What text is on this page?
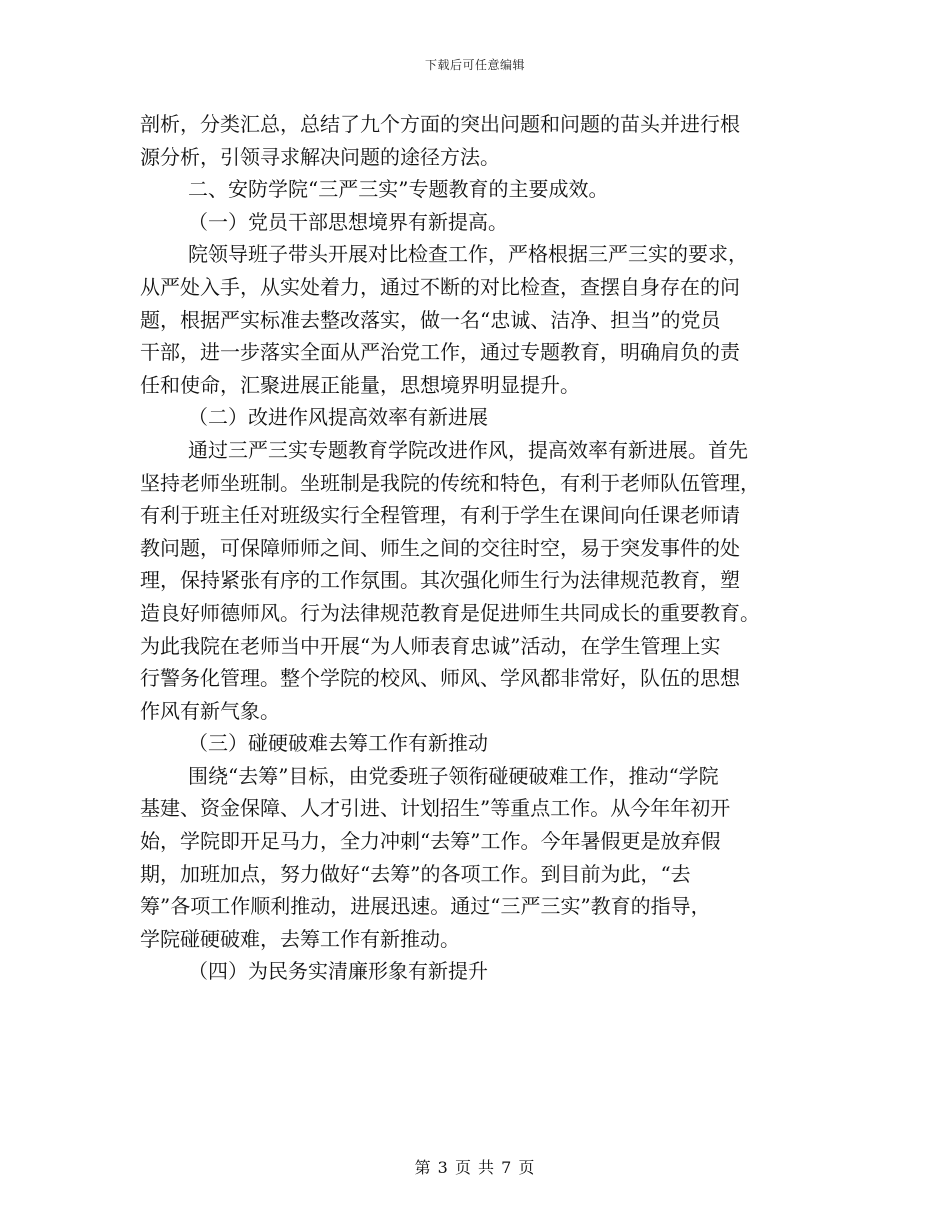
下载后可任意编辑
剖析，分类汇总，总结了九个方面的突出问题和问题的苗头并进行根
源分析，引领寻求解决问题的途径方法。
二、安防学院“三严三实”专题教育的主要成效。
（一）党员干部思想境界有新提高。
院领导班子带头开展对比检查工作，严格根据三严三实的要求，
从严处入手，从实处着力，通过不断的对比检查，查摆自身存在的问
题，根据严实标准去整改落实，做一名“忠诚、洁净、担当”的党员
干部，进一步落实全面从严治党工作，通过专题教育，明确肩负的责
任和使命，汇聚进展正能量，思想境界明显提升。
（二）改进作风提高效率有新进展
通过三严三实专题教育学院改进作风，提高效率有新进展。首先
坚持老师坐班制。坐班制是我院的传统和特色，有利于老师队伍管理，
有利于班主任对班级实行全程管理，有利于学生在课间向任课老师请
教问题，可保障师师之间、师生之间的交往时空，易于突发事件的处
理，保持紧张有序的工作氛围。其次强化师生行为法律规范教育，塑
造良好师德师风。行为法律规范教育是促进师生共同成长的重要教育。
为此我院在老师当中开展“为人师表育忠诚”活动，在学生管理上实
行警务化管理。整个学院的校风、师风、学风都非常好，队伍的思想
作风有新气象。
（三）碰硬破难去筹工作有新推动
围绕“去筹”目标，由党委班子领衔碰硬破难工作，推动“学院
基建、资金保障、人才引进、计划招生”等重点工作。从今年年初开
始，学院即开足马力，全力冲刺“去筹”工作。今年暑假更是放弃假
期，加班加点，努力做好“去筹”的各项工作。到目前为此，“去
筹”各项工作顺利推动，进展迅速。通过“三严三实”教育的指导，
学院碰硬破难，去筹工作有新推动。
（四）为民务实清廉形象有新提升
第 3 页 共 7 页
